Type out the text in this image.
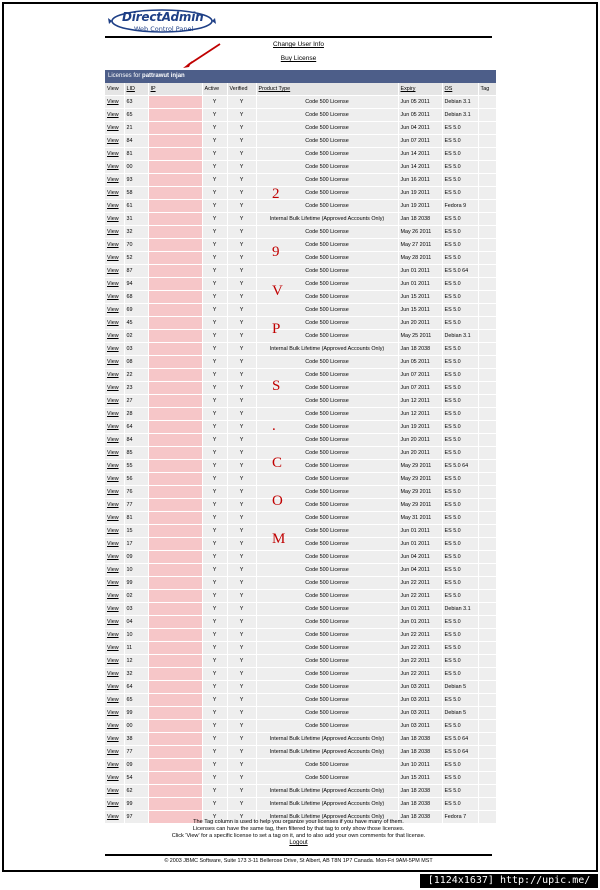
DirectAdmin
Web Control Panel
Change User Info
Buy License
Licenses for pattrawut injan
View	LID	IP	Active	Verified	Product Type	Expiry	OS	Tag
View	63		Y	Y	Code 500 License	Jun 05 2011	Debian 3.1	
View	65		Y	Y	Code 500 License	Jun 05 2011	Debian 3.1	
View	21		Y	Y	Code 500 License	Jun 04 2011	ES 5.0	
View	84		Y	Y	Code 500 License	Jun 07 2011	ES 5.0	
View	81		Y	Y	Code 500 License	Jun 14 2011	ES 5.0	
View	00		Y	Y	Code 500 License	Jun 14 2011	ES 5.0	
View	93		Y	Y	Code 500 License	Jun 16 2011	ES 5.0	
View	58		Y	Y	Code 500 License	Jun 19 2011	ES 5.0	
View	61		Y	Y	Code 500 License	Jun 19 2011	Fedora 9	
View	31		Y	Y	Internal Bulk Lifetime (Approved Accounts Only)	Jan 18 2038	ES 5.0	
View	32		Y	Y	Code 500 License	May 26 2011	ES 5.0	
View	70		Y	Y	Code 500 License	May 27 2011	ES 5.0	
View	52		Y	Y	Code 500 License	May 28 2011	ES 5.0	
View	87		Y	Y	Code 500 License	Jun 01 2011	ES 5.0 64	
View	94		Y	Y	Code 500 License	Jun 01 2011	ES 5.0	
View	68		Y	Y	Code 500 License	Jun 15 2011	ES 5.0	
View	69		Y	Y	Code 500 License	Jun 15 2011	ES 5.0	
View	45		Y	Y	Code 500 License	Jun 20 2011	ES 5.0	
View	02		Y	Y	Code 500 License	May 25 2011	Debian 3.1	
View	03		Y	Y	Internal Bulk Lifetime (Approved Accounts Only)	Jan 18 2038	ES 5.0	
View	08		Y	Y	Code 500 License	Jun 05 2011	ES 5.0	
View	22		Y	Y	Code 500 License	Jun 07 2011	ES 5.0	
View	23		Y	Y	Code 500 License	Jun 07 2011	ES 5.0	
View	27		Y	Y	Code 500 License	Jun 12 2011	ES 5.0	
View	28		Y	Y	Code 500 License	Jun 12 2011	ES 5.0	
View	64		Y	Y	Code 500 License	Jun 19 2011	ES 5.0	
View	84		Y	Y	Code 500 License	Jun 20 2011	ES 5.0	
View	85		Y	Y	Code 500 License	Jun 20 2011	ES 5.0	
View	55		Y	Y	Code 500 License	May 29 2011	ES 5.0 64	
View	56		Y	Y	Code 500 License	May 29 2011	ES 5.0	
View	76		Y	Y	Code 500 License	May 29 2011	ES 5.0	
View	77		Y	Y	Code 500 License	May 29 2011	ES 5.0	
View	81		Y	Y	Code 500 License	May 31 2011	ES 5.0	
View	15		Y	Y	Code 500 License	Jun 01 2011	ES 5.0	
View	17		Y	Y	Code 500 License	Jun 01 2011	ES 5.0	
View	09		Y	Y	Code 500 License	Jun 04 2011	ES 5.0	
View	10		Y	Y	Code 500 License	Jun 04 2011	ES 5.0	
View	99		Y	Y	Code 500 License	Jun 22 2011	ES 5.0	
View	02		Y	Y	Code 500 License	Jun 22 2011	ES 5.0	
View	03		Y	Y	Code 500 License	Jun 01 2011	Debian 3.1	
View	04		Y	Y	Code 500 License	Jun 01 2011	ES 5.0	
View	10		Y	Y	Code 500 License	Jun 22 2011	ES 5.0	
View	11		Y	Y	Code 500 License	Jun 22 2011	ES 5.0	
View	12		Y	Y	Code 500 License	Jun 22 2011	ES 5.0	
View	32		Y	Y	Code 500 License	Jun 22 2011	ES 5.0	
View	64		Y	Y	Code 500 License	Jun 03 2011	Debian 5	
View	65		Y	Y	Code 500 License	Jun 03 2011	ES 5.0	
View	99		Y	Y	Code 500 License	Jun 03 2011	Debian 5	
View	00		Y	Y	Code 500 License	Jun 03 2011	ES 5.0	
View	38		Y	Y	Internal Bulk Lifetime (Approved Accounts Only)	Jan 18 2038	ES 5.0 64	
View	77		Y	Y	Internal Bulk Lifetime (Approved Accounts Only)	Jan 18 2038	ES 5.0 64	
View	09		Y	Y	Code 500 License	Jun 10 2011	ES 5.0	
View	54		Y	Y	Code 500 License	Jun 15 2011	ES 5.0	
View	62		Y	Y	Internal Bulk Lifetime (Approved Accounts Only)	Jan 18 2038	ES 5.0	
View	99		Y	Y	Internal Bulk Lifetime (Approved Accounts Only)	Jan 18 2038	ES 5.0	
View	97		Y	Y	Internal Bulk Lifetime (Approved Accounts Only)	Jan 18 2038	Fedora 7	
2
9
V
P
S
.
C
O
M
The Tag column is used to help you organize your licenses if you have many of them.
Licenses can have the same tag, then filtered by that tag to only show those licenses.
Click 'View' for a specific license to set a tag on it, and to also add your own comments for that license.
Logout
© 2003 JBMC Software, Suite 173 3-11 Bellerose Drive, St Albert, AB T8N 1P7 Canada. Mon-Fri 9AM-5PM MST
[1124x1637] http://upic.me/
